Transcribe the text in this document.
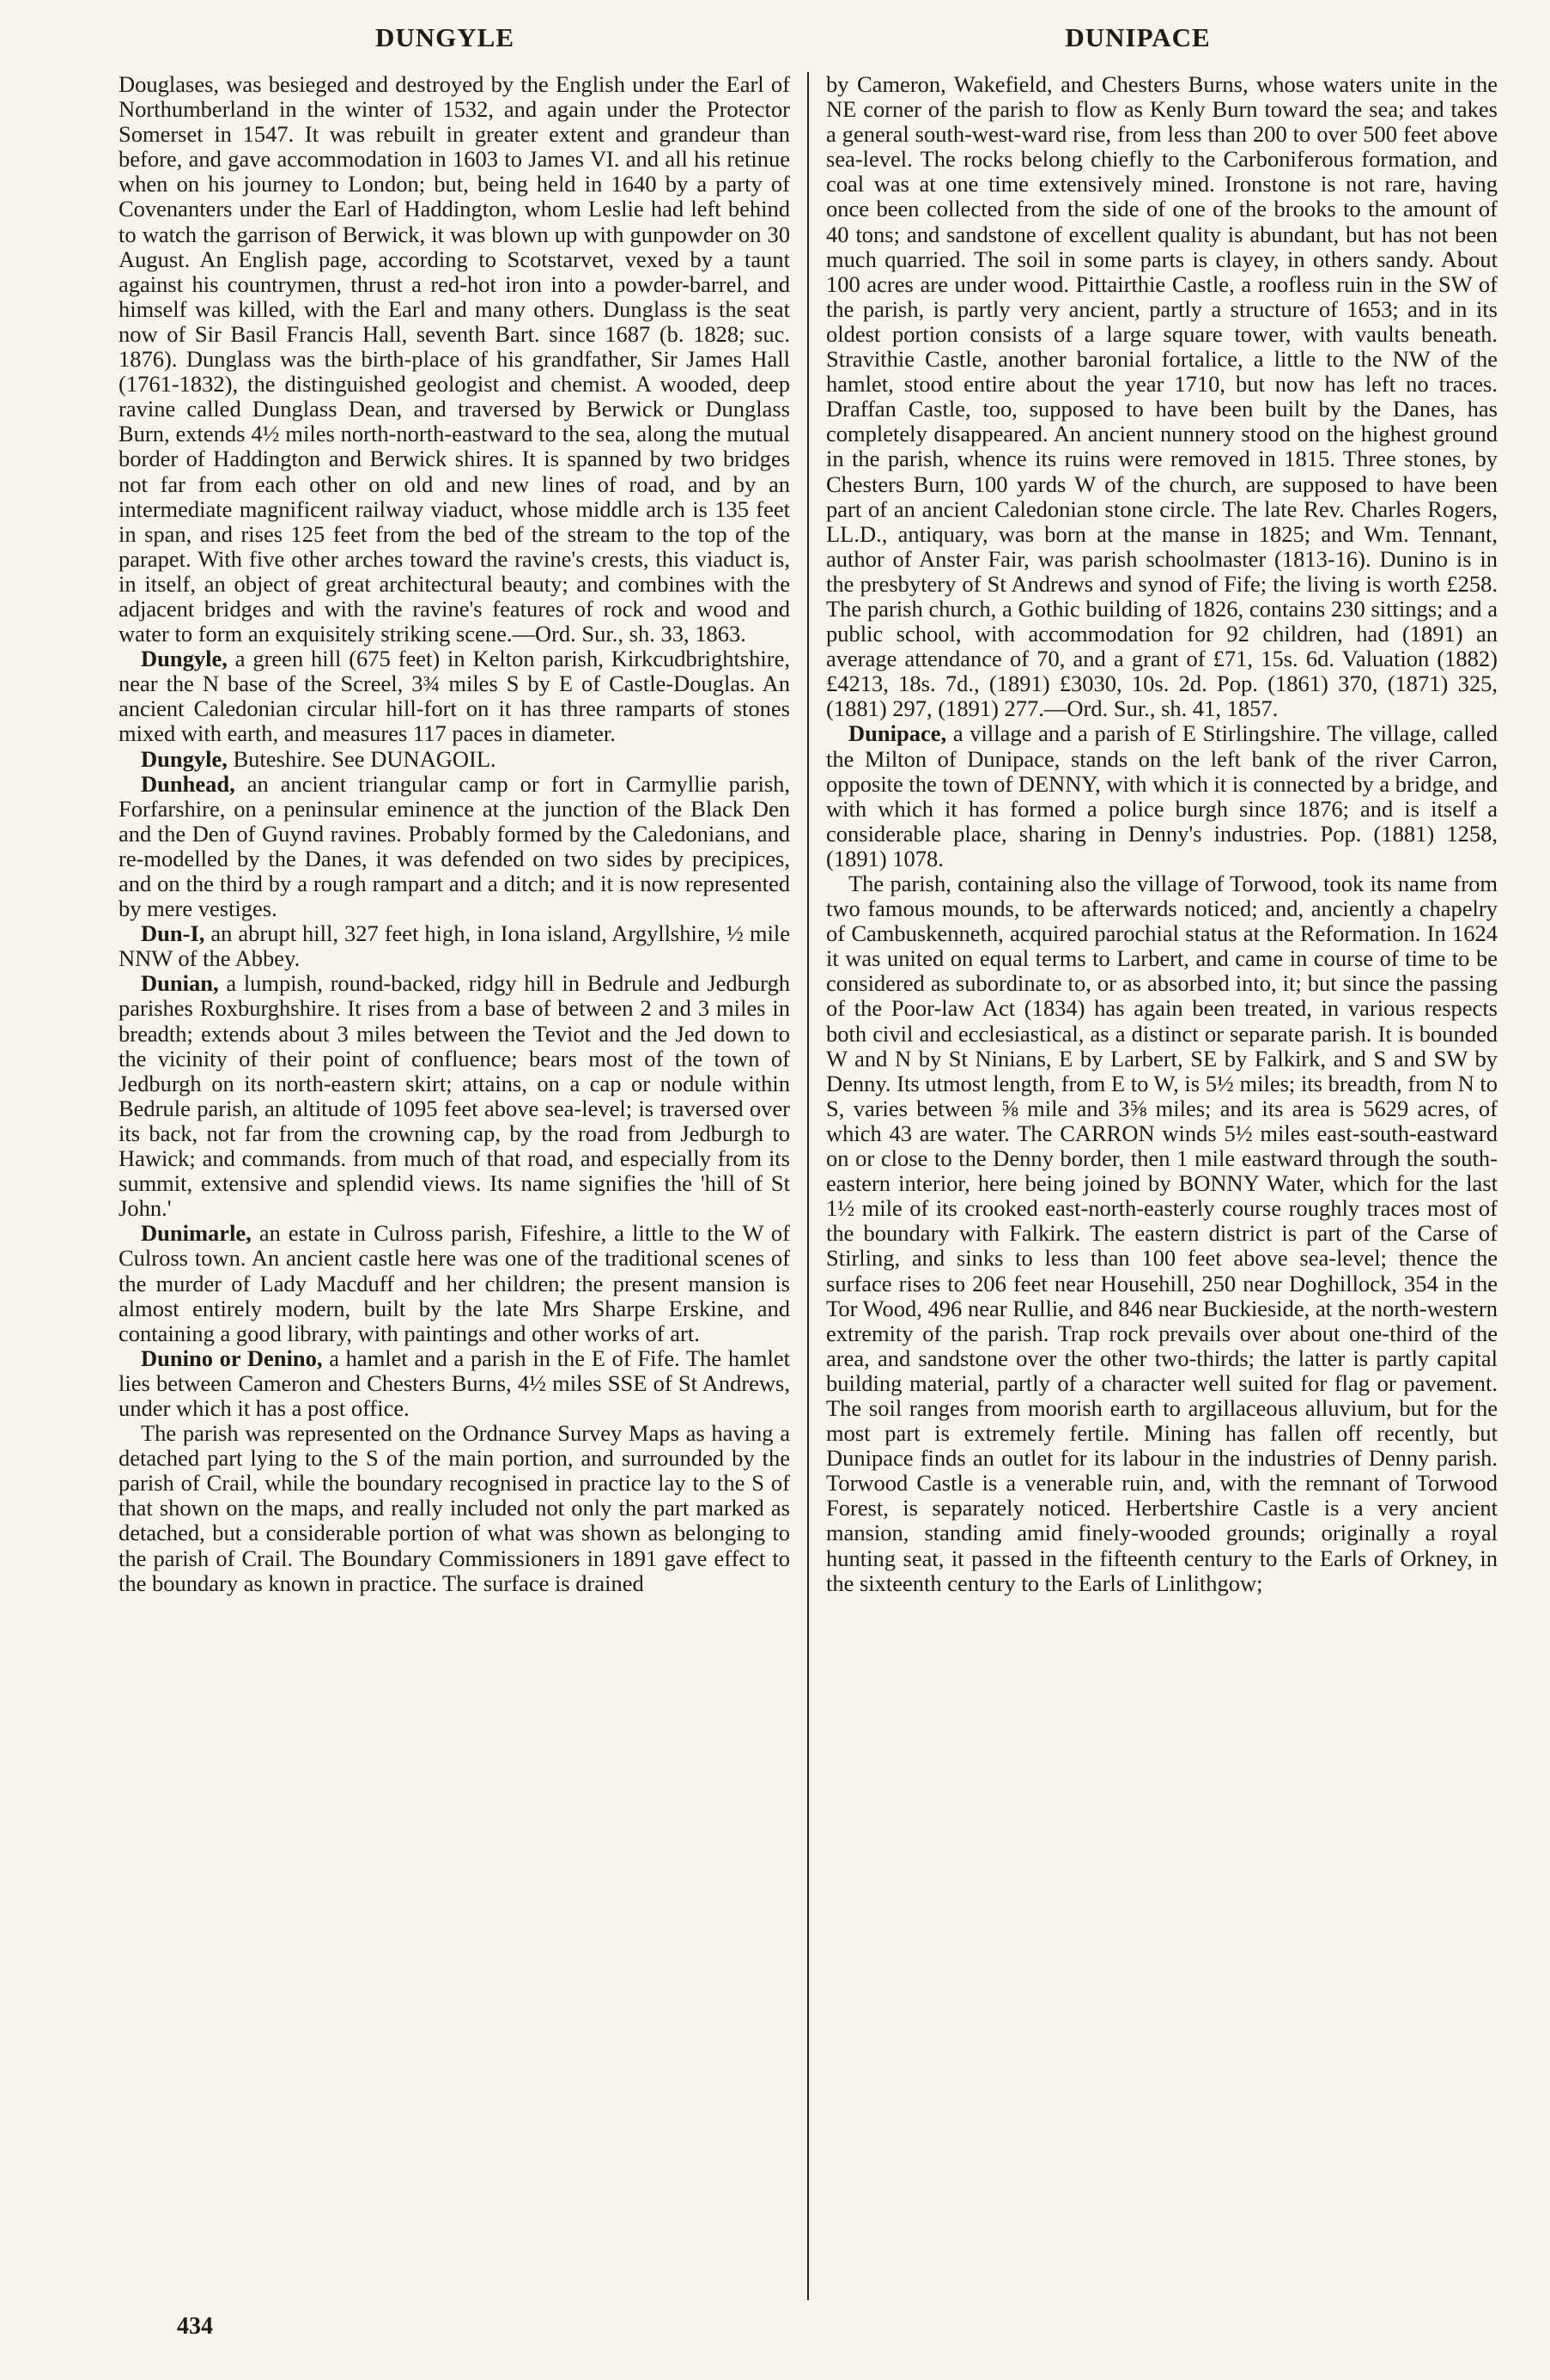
DUNGYLE	DUNIPACE

Douglases, was besieged and destroyed by the English under the Earl of Northumberland in the winter of 1532, and again under the Protector Somerset in 1547. It was rebuilt in greater extent and grandeur than before, and gave accommodation in 1603 to James VI. and all his retinue when on his journey to London; but, being held in 1640 by a party of Covenanters under the Earl of Haddington, whom Leslie had left behind to watch the garrison of Berwick, it was blown up with gunpowder on 30 August. An English page, according to Scotstarvet, vexed by a taunt against his countrymen, thrust a red-hot iron into a powder-barrel, and himself was killed, with the Earl and many others. Dunglass is the seat now of Sir Basil Francis Hall, seventh Bart. since 1687 (b. 1828; suc. 1876). Dunglass was the birth-place of his grandfather, Sir James Hall (1761-1832), the distinguished geologist and chemist. A wooded, deep ravine called Dunglass Dean, and traversed by Berwick or Dunglass Burn, extends 4½ miles north-north-eastward to the sea, along the mutual border of Haddington and Berwick shires. It is spanned by two bridges not far from each other on old and new lines of road, and by an intermediate magnificent railway viaduct, whose middle arch is 135 feet in span, and rises 125 feet from the bed of the stream to the top of the parapet. With five other arches toward the ravine's crests, this viaduct is, in itself, an object of great architectural beauty; and combines with the adjacent bridges and with the ravine's features of rock and wood and water to form an exquisitely striking scene.—Ord. Sur., sh. 33, 1863.

Dungyle, a green hill (675 feet) in Kelton parish, Kirkcudbrightshire, near the N base of the Screel, 3¾ miles S by E of Castle-Douglas. An ancient Caledonian circular hill-fort on it has three ramparts of stones mixed with earth, and measures 117 paces in diameter.

Dungyle, Buteshire. See DUNAGOIL.

Dunhead, an ancient triangular camp or fort in Carmyllie parish, Forfarshire, on a peninsular eminence at the junction of the Black Den and the Den of Guynd ravines. Probably formed by the Caledonians, and re-modelled by the Danes, it was defended on two sides by precipices, and on the third by a rough rampart and a ditch; and it is now represented by mere vestiges.

Dun-I, an abrupt hill, 327 feet high, in Iona island, Argyllshire, ½ mile NNW of the Abbey.

Dunian, a lumpish, round-backed, ridgy hill in Bedrule and Jedburgh parishes Roxburghshire. It rises from a base of between 2 and 3 miles in breadth; extends about 3 miles between the Teviot and the Jed down to the vicinity of their point of confluence; bears most of the town of Jedburgh on its north-eastern skirt; attains, on a cap or nodule within Bedrule parish, an altitude of 1095 feet above sea-level; is traversed over its back, not far from the crowning cap, by the road from Jedburgh to Hawick; and commands. from much of that road, and especially from its summit, extensive and splendid views. Its name signifies the 'hill of St John.'

Dunimarle, an estate in Culross parish, Fifeshire, a little to the W of Culross town. An ancient castle here was one of the traditional scenes of the murder of Lady Macduff and her children; the present mansion is almost entirely modern, built by the late Mrs Sharpe Erskine, and containing a good library, with paintings and other works of art.

Dunino or Denino, a hamlet and a parish in the E of Fife. The hamlet lies between Cameron and Chesters Burns, 4½ miles SSE of St Andrews, under which it has a post office.

The parish was represented on the Ordnance Survey Maps as having a detached part lying to the S of the main portion, and surrounded by the parish of Crail, while the boundary recognised in practice lay to the S of that shown on the maps, and really included not only the part marked as detached, but a considerable portion of what was shown as belonging to the parish of Crail. The Boundary Commissioners in 1891 gave effect to the boundary as known in practice. The surface is drained

by Cameron, Wakefield, and Chesters Burns, whose waters unite in the NE corner of the parish to flow as Kenly Burn toward the sea; and takes a general south-west-ward rise, from less than 200 to over 500 feet above sea-level. The rocks belong chiefly to the Carboniferous formation, and coal was at one time extensively mined. Ironstone is not rare, having once been collected from the side of one of the brooks to the amount of 40 tons; and sandstone of excellent quality is abundant, but has not been much quarried. The soil in some parts is clayey, in others sandy. About 100 acres are under wood. Pittairthie Castle, a roofless ruin in the SW of the parish, is partly very ancient, partly a structure of 1653; and in its oldest portion consists of a large square tower, with vaults beneath. Stravithie Castle, another baronial fortalice, a little to the NW of the hamlet, stood entire about the year 1710, but now has left no traces. Draffan Castle, too, supposed to have been built by the Danes, has completely disappeared. An ancient nunnery stood on the highest ground in the parish, whence its ruins were removed in 1815. Three stones, by Chesters Burn, 100 yards W of the church, are supposed to have been part of an ancient Caledonian stone circle. The late Rev. Charles Rogers, LL.D., antiquary, was born at the manse in 1825; and Wm. Tennant, author of Anster Fair, was parish schoolmaster (1813-16). Dunino is in the presbytery of St Andrews and synod of Fife; the living is worth £258. The parish church, a Gothic building of 1826, contains 230 sittings; and a public school, with accommodation for 92 children, had (1891) an average attendance of 70, and a grant of £71, 15s. 6d. Valuation (1882) £4213, 18s. 7d., (1891) £3030, 10s. 2d. Pop. (1861) 370, (1871) 325, (1881) 297, (1891) 277.—Ord. Sur., sh. 41, 1857.

Dunipace, a village and a parish of E Stirlingshire. The village, called the Milton of Dunipace, stands on the left bank of the river Carron, opposite the town of DENNY, with which it is connected by a bridge, and with which it has formed a police burgh since 1876; and is itself a considerable place, sharing in Denny's industries. Pop. (1881) 1258, (1891) 1078.

The parish, containing also the village of Torwood, took its name from two famous mounds, to be afterwards noticed; and, anciently a chapelry of Cambuskenneth, acquired parochial status at the Reformation. In 1624 it was united on equal terms to Larbert, and came in course of time to be considered as subordinate to, or as absorbed into, it; but since the passing of the Poor-law Act (1834) has again been treated, in various respects both civil and ecclesiastical, as a distinct or separate parish. It is bounded W and N by St Ninians, E by Larbert, SE by Falkirk, and S and SW by Denny. Its utmost length, from E to W, is 5½ miles; its breadth, from N to S, varies between ⅝ mile and 3⅝ miles; and its area is 5629 acres, of which 43 are water. The CARRON winds 5½ miles east-south-eastward on or close to the Denny border, then 1 mile eastward through the south-eastern interior, here being joined by BONNY Water, which for the last 1½ mile of its crooked east-north-easterly course roughly traces most of the boundary with Falkirk. The eastern district is part of the Carse of Stirling, and sinks to less than 100 feet above sea-level; thence the surface rises to 206 feet near Househill, 250 near Doghillock, 354 in the Tor Wood, 496 near Rullie, and 846 near Buckieside, at the north-western extremity of the parish. Trap rock prevails over about one-third of the area, and sandstone over the other two-thirds; the latter is partly capital building material, partly of a character well suited for flag or pavement. The soil ranges from moorish earth to argillaceous alluvium, but for the most part is extremely fertile. Mining has fallen off recently, but Dunipace finds an outlet for its labour in the industries of Denny parish. Torwood Castle is a venerable ruin, and, with the remnant of Torwood Forest, is separately noticed. Herbertshire Castle is a very ancient mansion, standing amid finely-wooded grounds; originally a royal hunting seat, it passed in the fifteenth century to the Earls of Orkney, in the sixteenth century to the Earls of Linlithgow;

434
